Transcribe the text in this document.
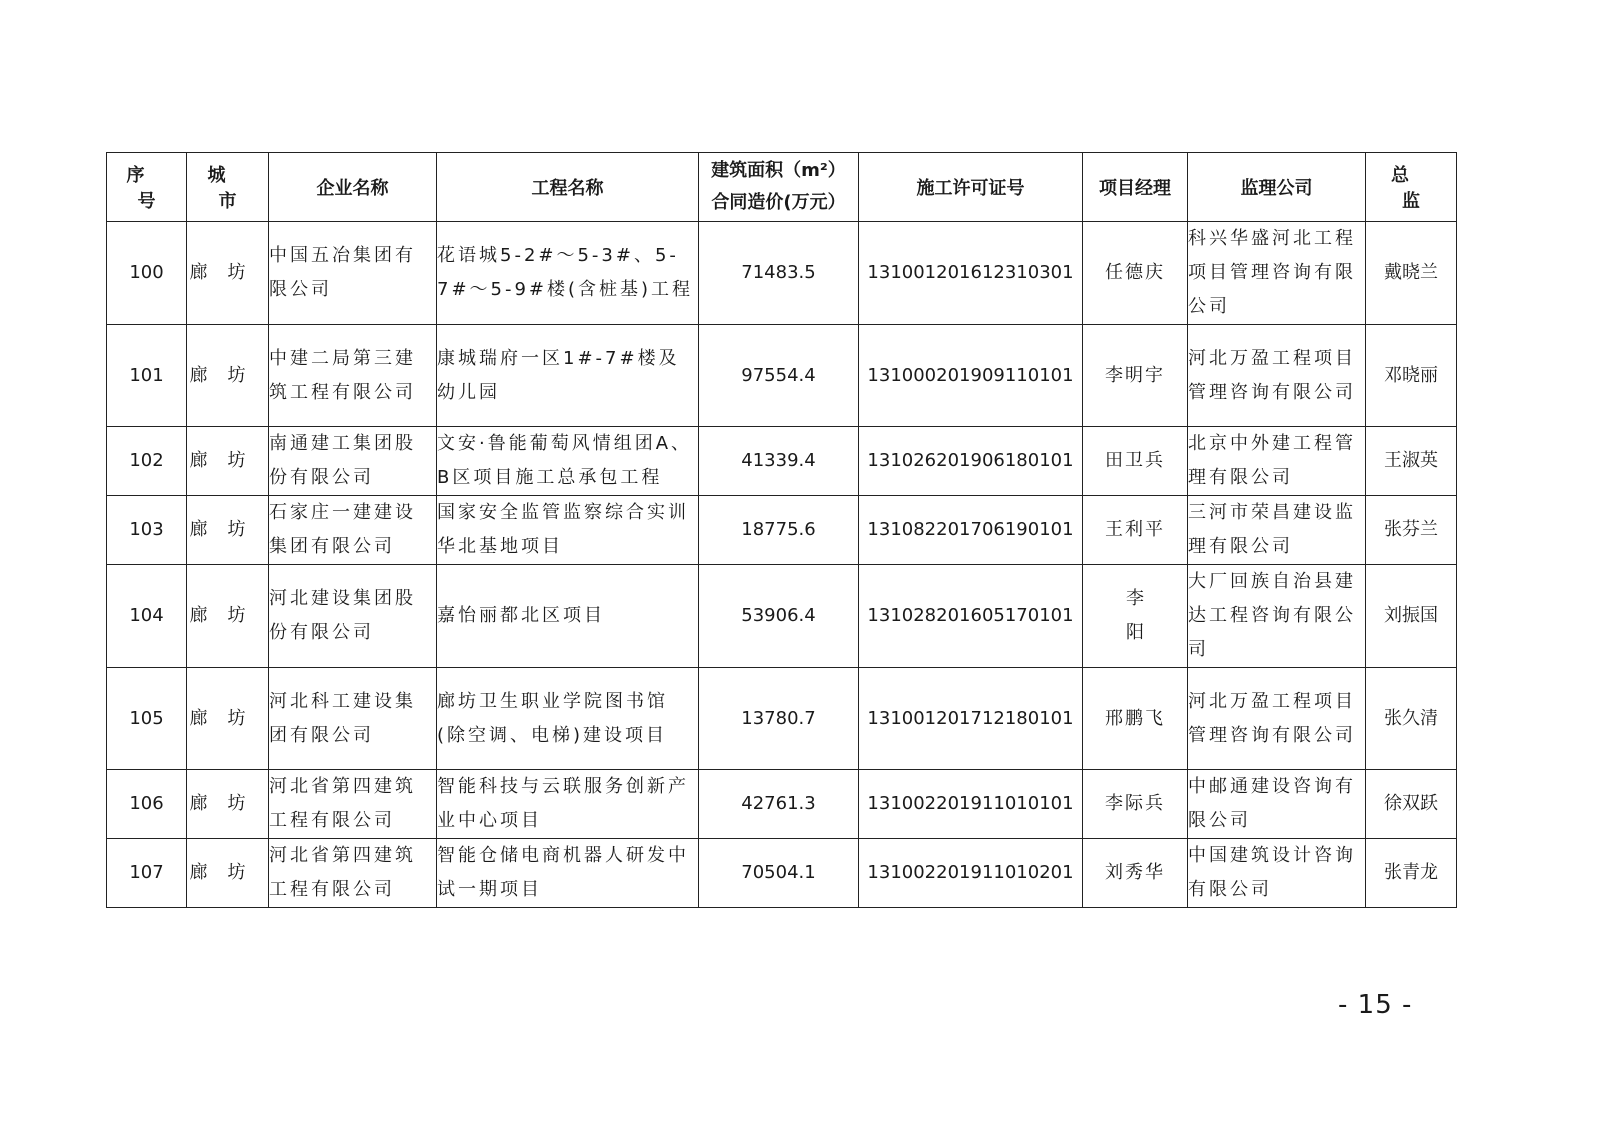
序 号	城 市	企业名称	工程名称	建筑面积（m²）
合同造价(万元）	施工许可证号	项目经理	监理公司	总 监
100	廊坊	中国五冶集团有限公司	花语城5-2#～5-3#、5-7#～5-9#楼(含桩基)工程	71483.5	131001201612310301	任德庆	科兴华盛河北工程项目管理咨询有限公司	戴晓兰
101	廊坊	中建二局第三建筑工程有限公司	康城瑞府一区1#-7#楼及幼儿园	97554.4	131000201909110101	李明宇	河北万盈工程项目管理咨询有限公司	邓晓丽
102	廊坊	南通建工集团股份有限公司	文安·鲁能葡萄风情组团A、B区项目施工总承包工程	41339.4	131026201906180101	田卫兵	北京中外建工程管理有限公司	王淑英
103	廊坊	石家庄一建建设集团有限公司	国家安全监管监察综合实训华北基地项目	18775.6	131082201706190101	王利平	三河市荣昌建设监理有限公司	张芬兰
104	廊坊	河北建设集团股份有限公司	嘉怡丽都北区项目	53906.4	131028201605170101	李阳	大厂回族自治县建达工程咨询有限公司	刘振国
105	廊坊	河北科工建设集团有限公司	廊坊卫生职业学院图书馆(除空调、电梯)建设项目	13780.7	131001201712180101	邢鹏飞	河北万盈工程项目管理咨询有限公司	张久清
106	廊坊	河北省第四建筑工程有限公司	智能科技与云联服务创新产业中心项目	42761.3	131002201911010101	李际兵	中邮通建设咨询有限公司	徐双跃
107	廊坊	河北省第四建筑工程有限公司	智能仓储电商机器人研发中试一期项目	70504.1	131002201911010201	刘秀华	中国建筑设计咨询有限公司	张青龙
- 15 -
